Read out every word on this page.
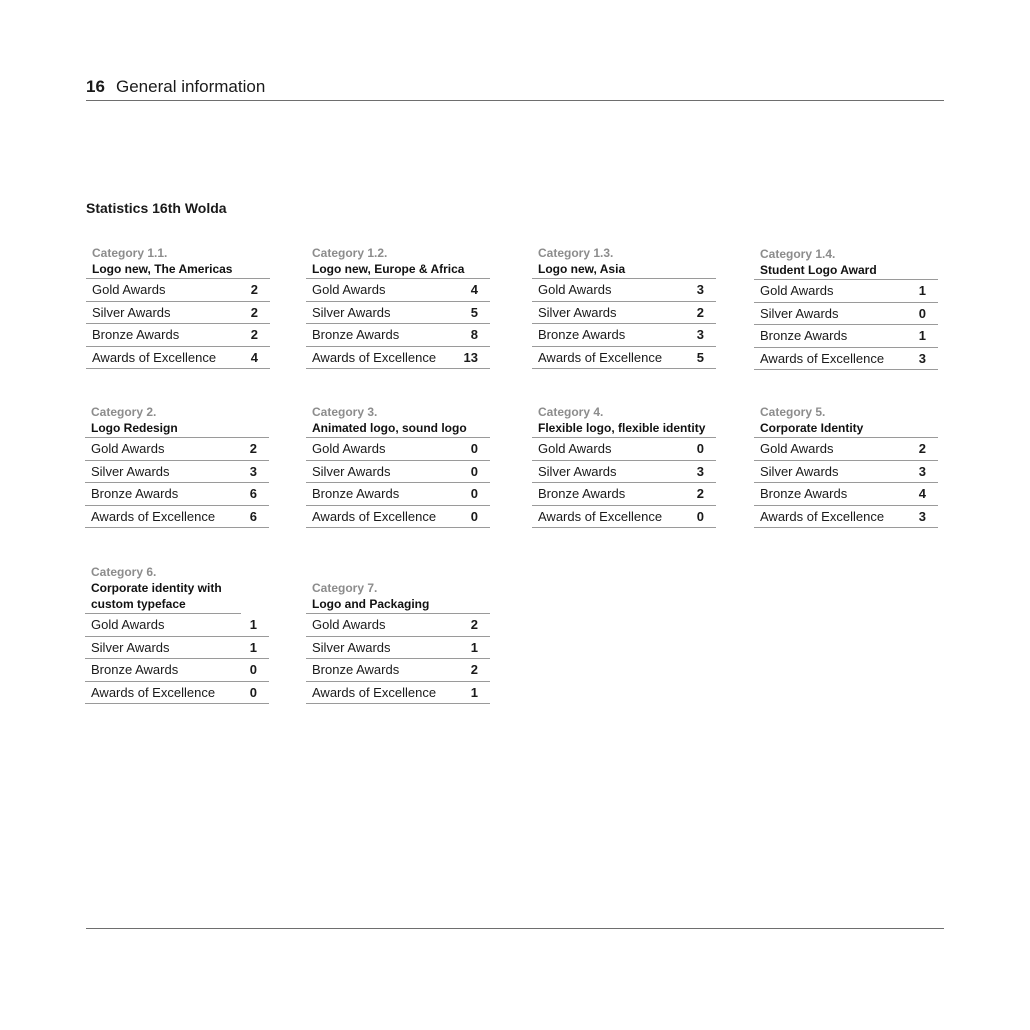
16 General information
Statistics 16th Wolda
Category 1.1.
Logo new, The Americas
Gold Awards	2
Silver Awards	2
Bronze Awards	2
Awards of Excellence	4
Category 1.2.
Logo new, Europe & Africa
Gold Awards	4
Silver Awards	5
Bronze Awards	8
Awards of Excellence 13
Category 1.3.
Logo new, Asia
Gold Awards	3
Silver Awards	2
Bronze Awards	3
Awards of Excellence	5
Category 1.4.
Student Logo Award
Gold Awards	1
Silver Awards	0
Bronze Awards	1
Awards of Excellence	3
Category 2.
Logo Redesign
Gold Awards	2
Silver Awards	3
Bronze Awards	6
Awards of Excellence	6
Category 3.
Animated logo, sound logo
Gold Awards	0
Silver Awards	0
Bronze Awards	0
Awards of Excellence	0
Category 4.
Flexible logo, flexible identity
Gold Awards	0
Silver Awards	3
Bronze Awards	2
Awards of Excellence	0
Category 5.
Corporate Identity
Gold Awards	2
Silver Awards	3
Bronze Awards	4
Awards of Excellence	3
Category 6.
Corporate identity with custom typeface
Gold Awards	1
Silver Awards	1
Bronze Awards	0
Awards of Excellence	0
Category 7.
Logo and Packaging
Gold Awards	2
Silver Awards	1
Bronze Awards	2
Awards of Excellence	1
